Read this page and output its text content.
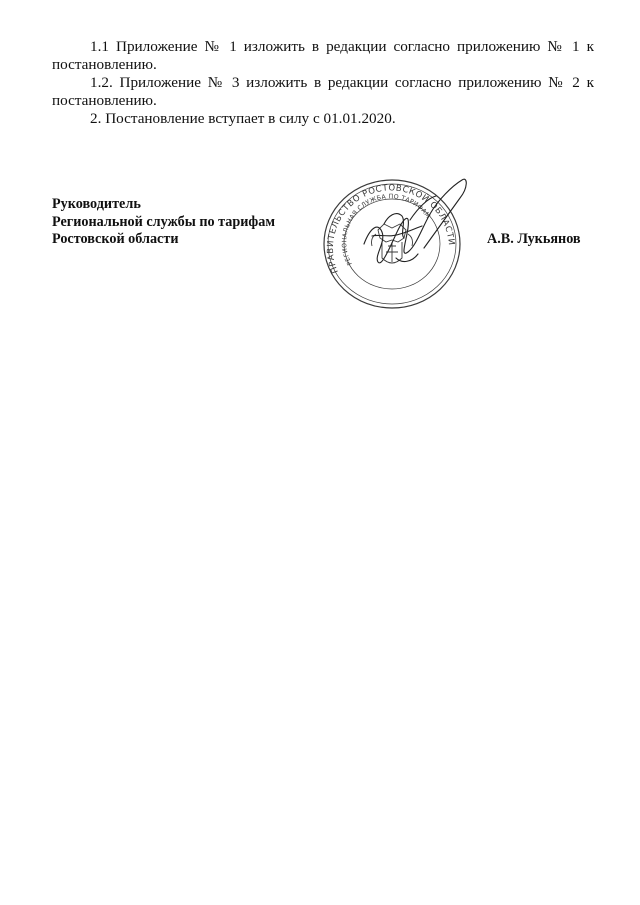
1.1 Приложение № 1 изложить в редакции согласно приложению № 1 к постановлению.

1.2. Приложение № 3 изложить в редакции согласно приложению № 2 к постановлению.

2. Постановление вступает в силу с 01.01.2020.

Руководитель
Региональной службы по тарифам
Ростовской области
ПРАВИТЕЛЬСТВО РОСТОВСКОЙ ОБЛАСТИ
РЕГИОНАЛЬНАЯ СЛУЖБА ПО ТАРИФАМ
А.В. Лукьянов
